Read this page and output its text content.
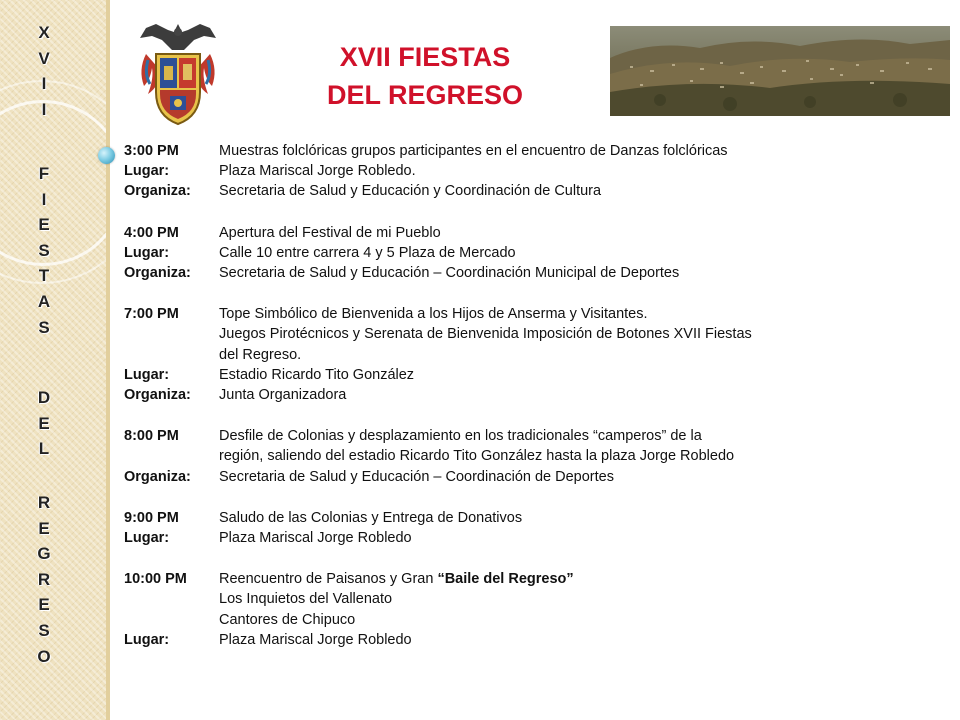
X
V
I
I
F
I
E
S
T
A
S
D
E
L
R
E
G
R
E
S
O
XVII FIESTAS
DEL REGRESO
3:00 PM	Muestras folclóricas grupos participantes en el encuentro de Danzas folclóricas
Lugar:	Plaza Mariscal Jorge Robledo.
Organiza:	Secretaria de Salud y Educación y Coordinación de Cultura
4:00 PM	Apertura del Festival de mi Pueblo
Lugar:	Calle 10 entre carrera 4 y 5 Plaza de Mercado
Organiza:	Secretaria de Salud y Educación – Coordinación Municipal de Deportes
7:00 PM	Tope Simbólico de Bienvenida a los Hijos de Anserma y Visitantes.
Juegos Pirotécnicos y Serenata de Bienvenida Imposición de Botones XVII Fiestas
del Regreso.
Lugar:	Estadio Ricardo Tito González
Organiza:	Junta Organizadora
8:00 PM	Desfile de Colonias y desplazamiento en los tradicionales “camperos” de la
región, saliendo del estadio Ricardo Tito González hasta la plaza Jorge Robledo
Organiza:	Secretaria de Salud y Educación – Coordinación de Deportes
9:00 PM	Saludo de las Colonias y Entrega de Donativos
Lugar:	Plaza Mariscal Jorge Robledo
10:00 PM	Reencuentro de Paisanos y Gran “Baile del Regreso”
Los Inquietos del Vallenato
Cantores de Chipuco
Lugar:	Plaza Mariscal Jorge Robledo
